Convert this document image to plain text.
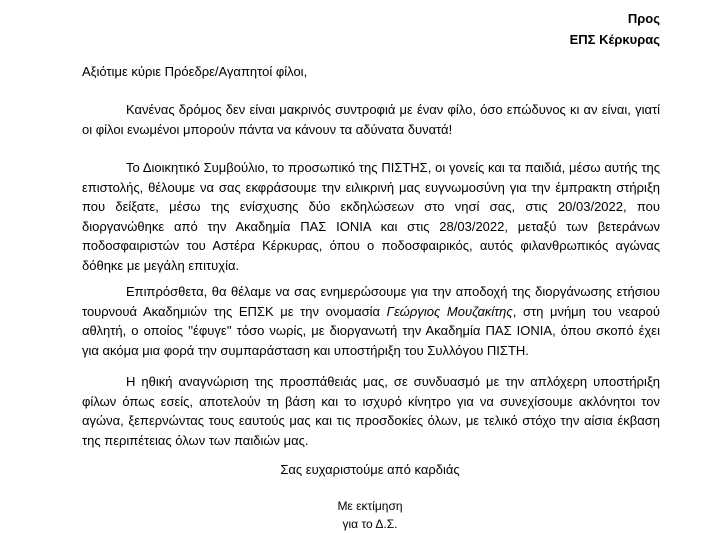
Προς
ΕΠΣ Κέρκυρας
Αξιότιμε κύριε Πρόεδρε/Αγαπητοί φίλοι,

Κανένας δρόμος δεν είναι μακρινός συντροφιά με έναν φίλο, όσο επώδυνος κι αν είναι, γιατί οι φίλοι ενωμένοι μπορούν πάντα να κάνουν τα αδύνατα δυνατά!

Το Διοικητικό Συμβούλιο, το προσωπικό της ΠΙΣΤΗΣ, οι γονείς και τα παιδιά, μέσω αυτής της επιστολής, θέλουμε να σας εκφράσουμε την ειλικρινή μας ευγνωμοσύνη για την έμπρακτη στήριξη που δείξατε, μέσω της ενίσχυσης δύο εκδηλώσεων στο νησί σας, στις 20/03/2022, που διοργανώθηκε από την Ακαδημία ΠΑΣ ΙΟΝΙΑ και στις 28/03/2022, μεταξύ των βετεράνων ποδοσφαιριστών του Αστέρα Κέρκυρας, όπου ο ποδοσφαιρικός, αυτός φιλανθρωπικός αγώνας δόθηκε με μεγάλη επιτυχία.

Επιπρόσθετα, θα θέλαμε να σας ενημερώσουμε για την αποδοχή της διοργάνωσης ετήσιου τουρνουά Ακαδημιών της ΕΠΣΚ με την ονομασία Γεώργιος Μουζακίτης, στη μνήμη του νεαρού αθλητή, ο οποίος ''έφυγε'' τόσο νωρίς, με διοργανωτή την Ακαδημία ΠΑΣ ΙΟΝΙΑ, όπου σκοπό έχει για ακόμα μια φορά την συμπαράσταση και υποστήριξη του Συλλόγου ΠΙΣΤΗ.

Η ηθική αναγνώριση της προσπάθειάς μας, σε συνδυασμό με την απλόχερη υποστήριξη φίλων όπως εσείς, αποτελούν τη βάση και το ισχυρό κίνητρο για να συνεχίσουμε ακλόνητοι τον αγώνα, ξεπερνώντας τους εαυτούς μας και τις προσδοκίες όλων, με τελικό στόχο την αίσια έκβαση της περιπέτειας όλων των παιδιών μας.

Σας ευχαριστούμε από καρδιάς
Με εκτίμηση
για το Δ.Σ.
